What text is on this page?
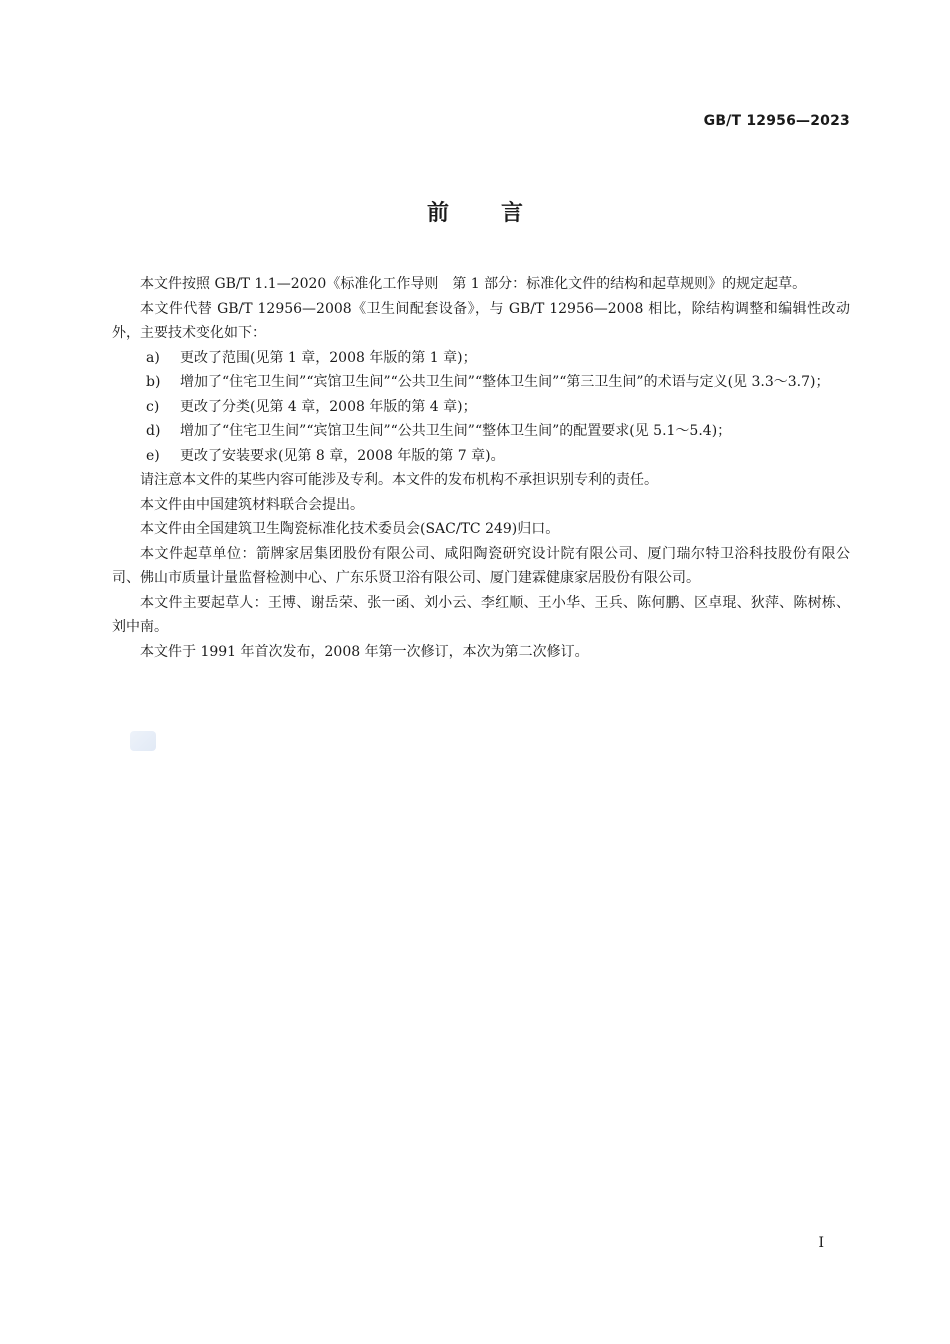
GB/T 12956—2023
前 言

本文件按照 GB/T 1.1—2020《标准化工作导则　第 1 部分：标准化文件的结构和起草规则》的规定起草。

本文件代替 GB/T 12956—2008《卫生间配套设备》，与 GB/T 12956—2008 相比，除结构调整和编辑性改动外，主要技术变化如下：

a)	更改了范围(见第 1 章，2008 年版的第 1 章)；
b)	增加了“住宅卫生间”“宾馆卫生间”“公共卫生间”“整体卫生间”“第三卫生间”的术语与定义(见 3.3～3.7)；
c)	更改了分类(见第 4 章，2008 年版的第 4 章)；
d)	增加了“住宅卫生间”“宾馆卫生间”“公共卫生间”“整体卫生间”的配置要求(见 5.1～5.4)；
e)	更改了安装要求(见第 8 章，2008 年版的第 7 章)。

请注意本文件的某些内容可能涉及专利。本文件的发布机构不承担识别专利的责任。

本文件由中国建筑材料联合会提出。

本文件由全国建筑卫生陶瓷标准化技术委员会(SAC/TC 249)归口。

本文件起草单位：箭牌家居集团股份有限公司、咸阳陶瓷研究设计院有限公司、厦门瑞尔特卫浴科技股份有限公司、佛山市质量计量监督检测中心、广东乐贤卫浴有限公司、厦门建霖健康家居股份有限公司。

本文件主要起草人：王博、谢岳荣、张一函、刘小云、李红顺、王小华、王兵、陈何鹏、区卓琨、狄萍、陈树栋、刘中南。

本文件于 1991 年首次发布，2008 年第一次修订，本次为第二次修订。

I
